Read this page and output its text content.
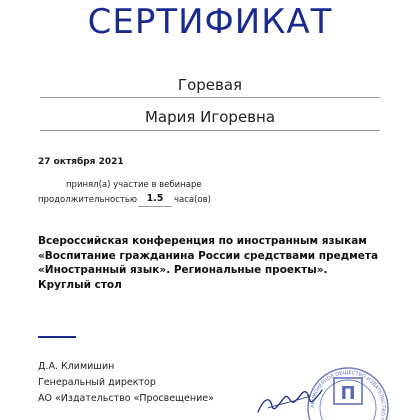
СЕРТИФИКАТ
Горевая
Мария Игоревна
27 октября 2021
принял(а) участие в вебинаре
продолжительностью	1.5	часа(ов)
Всероссийская конференция по иностранным языкам
«Воспитание гражданина России средствами предмета
«Иностранный язык». Региональные проекты».
Круглый стол
Д.А. Климишин
Генеральный директор
АО «Издательство «Просвещение»
АКЦИОНЕРНОЕ ОБЩЕСТВО ИЗДАТЕЛЬСТВО П
П
